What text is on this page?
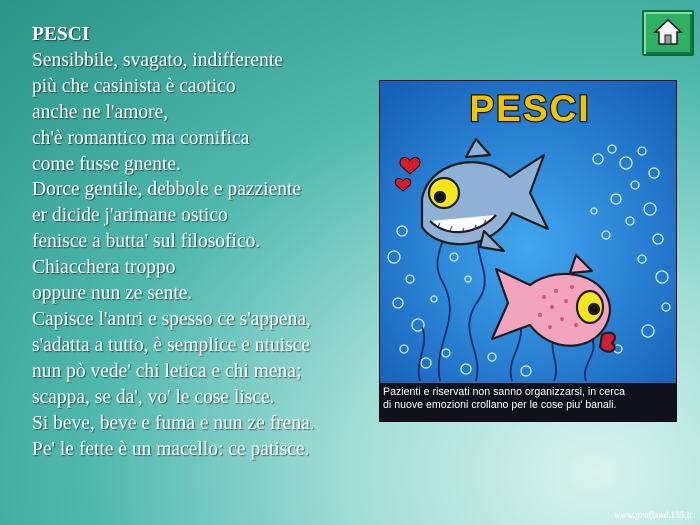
PESCI
Sensibbile, svagato, indifferente
più che casinista è caotico
anche ne l'amore,
ch'è romantico ma cornifica
come fusse gnente.
Dorce gentile, debbole e pazziente
er dicide j'arimane ostico
fenisce a butta' sul filosofico.
Chiacchera troppo
oppure nun ze sente.
Capisce l'antri e spesso ce s'appena,
s'adatta a tutto, è semplice e ntuisce
nun pò vede' chi letica e chi mena;
scappa, se da', vo' le cose lisce.
Si beve, beve e fuma e nun ze frena.
Pe' le fette è un macello: ce patisce.
PESCI
Pazienti e riservati non sanno organizzarsi, in cerca
di nuove emozioni crollano per le cose piu' banali.
www.profland.135.it
